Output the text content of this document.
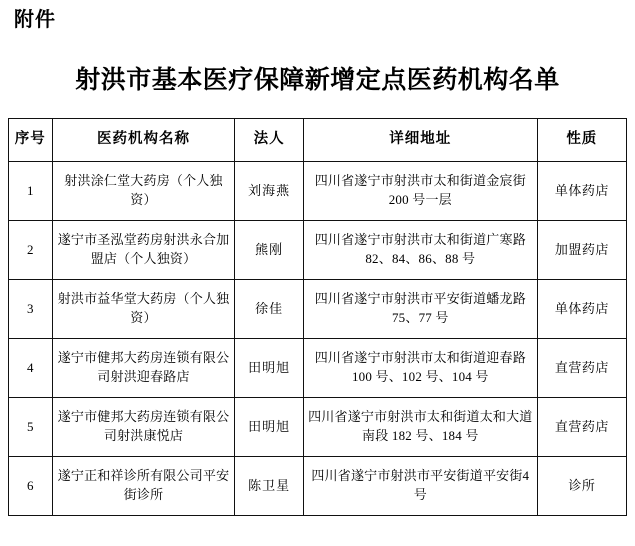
附件
射洪市基本医疗保障新增定点医药机构名单
序号	医药机构名称	法人	详细地址	性质
1	射洪涂仁堂大药房（个人独资）	刘海燕	四川省遂宁市射洪市太和街道金宸街200 号一层	单体药店
2	遂宁市圣泓堂药房射洪永合加盟店（个人独资）	熊刚	四川省遂宁市射洪市太和街道广寒路82、84、86、88 号	加盟药店
3	射洪市益华堂大药房（个人独资）	徐佳	四川省遂宁市射洪市平安街道蟠龙路75、77 号	单体药店
4	遂宁市健邦大药房连锁有限公司射洪迎春路店	田明旭	四川省遂宁市射洪市太和街道迎春路100 号、102 号、104 号	直营药店
5	遂宁市健邦大药房连锁有限公司射洪康悦店	田明旭	四川省遂宁市射洪市太和街道太和大道南段 182 号、184 号	直营药店
6	遂宁正和祥诊所有限公司平安街诊所	陈卫星	四川省遂宁市射洪市平安街道平安街4 号	诊所
